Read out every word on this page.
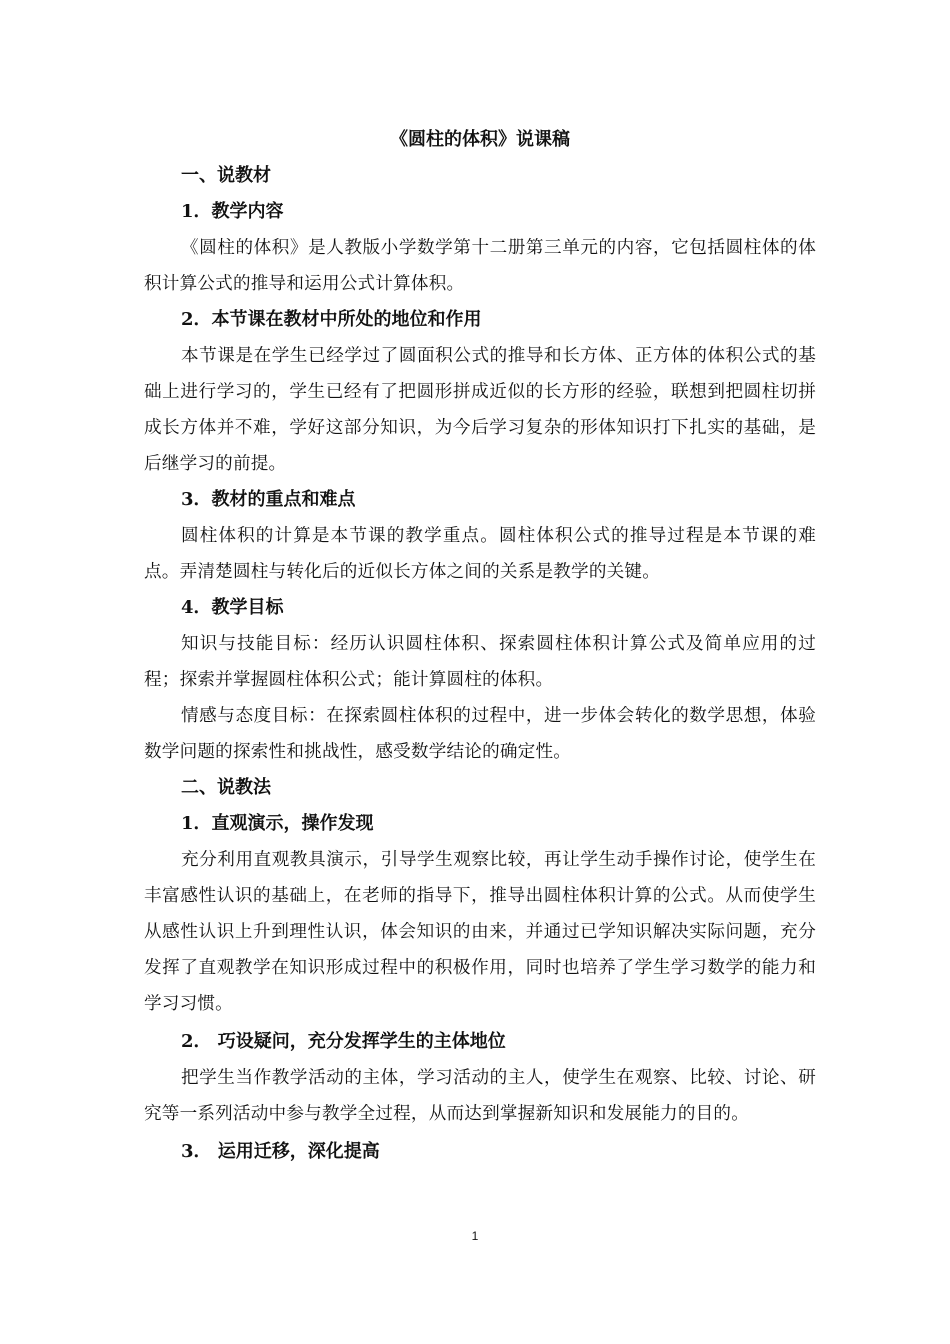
《圆柱的体积》说课稿

一、说教材

1．教学内容

《圆柱的体积》是人教版小学数学第十二册第三单元的内容，它包括圆柱体的体积计算公式的推导和运用公式计算体积。

2．本节课在教材中所处的地位和作用

本节课是在学生已经学过了圆面积公式的推导和长方体、正方体的体积公式的基础上进行学习的，学生已经有了把圆形拼成近似的长方形的经验，联想到把圆柱切拼成长方体并不难，学好这部分知识，为今后学习复杂的形体知识打下扎实的基础，是后继学习的前提。

3．教材的重点和难点

圆柱体积的计算是本节课的教学重点。圆柱体积公式的推导过程是本节课的难点。弄清楚圆柱与转化后的近似长方体之间的关系是教学的关键。

4．教学目标

知识与技能目标：经历认识圆柱体积、探索圆柱体积计算公式及简单应用的过程；探索并掌握圆柱体积公式；能计算圆柱的体积。

情感与态度目标：在探索圆柱体积的过程中，进一步体会转化的数学思想，体验数学问题的探索性和挑战性，感受数学结论的确定性。

二、说教法

1．直观演示，操作发现

充分利用直观教具演示，引导学生观察比较，再让学生动手操作讨论，使学生在丰富感性认识的基础上，在老师的指导下，推导出圆柱体积计算的公式。从而使学生从感性认识上升到理性认识，体会知识的由来，并通过已学知识解决实际问题，充分发挥了直观教学在知识形成过程中的积极作用，同时也培养了学生学习数学的能力和学习习惯。

2． 巧设疑问，充分发挥学生的主体地位

把学生当作教学活动的主体，学习活动的主人，使学生在观察、比较、讨论、研究等一系列活动中参与教学全过程，从而达到掌握新知识和发展能力的目的。

3． 运用迁移，深化提高

1
